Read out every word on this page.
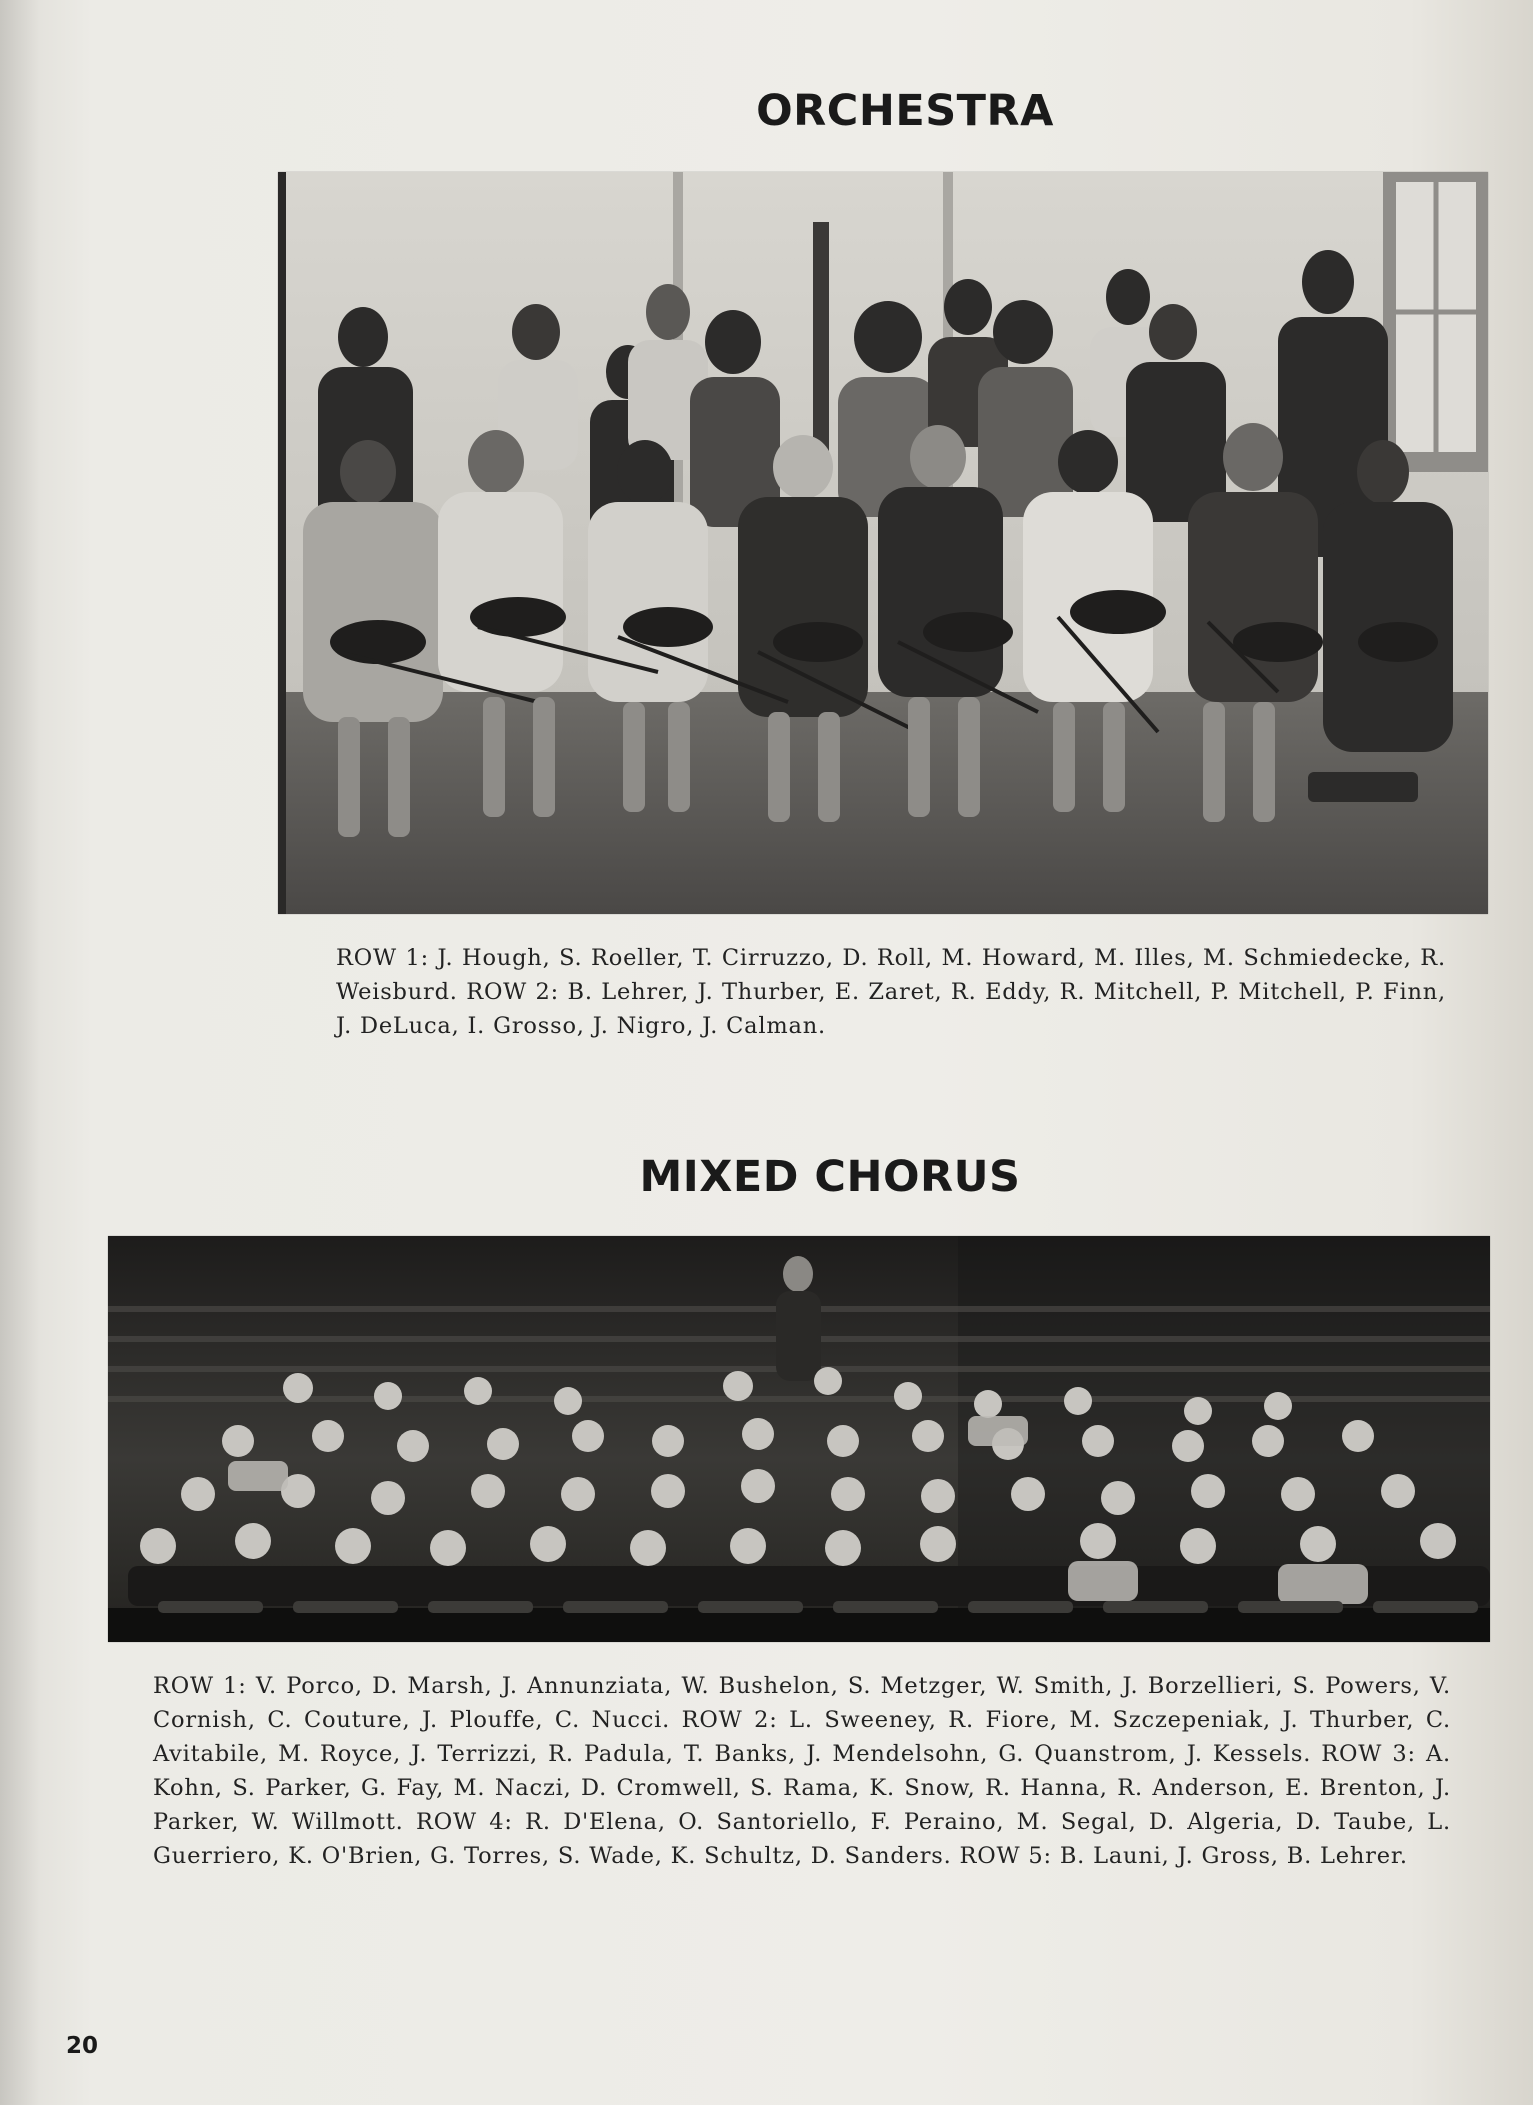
ORCHESTRA

ROW 1: J. Hough, S. Roeller, T. Cirruzzo, D. Roll, M. Howard, M. Illes, M. Schmiedecke, R. Weisburd. ROW 2: B. Lehrer, J. Thurber, E. Zaret, R. Eddy, R. Mitchell, P. Mitchell, P. Finn, J. DeLuca, I. Grosso, J. Nigro, J. Calman.

MIXED CHORUS

ROW 1: V. Porco, D. Marsh, J. Annunziata, W. Bushelon, S. Metzger, W. Smith, J. Borzellieri, S. Powers, V. Cornish, C. Couture, J. Plouffe, C. Nucci. ROW 2: L. Sweeney, R. Fiore, M. Szczepeniak, J. Thurber, C. Avitabile, M. Royce, J. Terrizzi, R. Padula, T. Banks, J. Mendelsohn, G. Quanstrom, J. Kessels. ROW 3: A. Kohn, S. Parker, G. Fay, M. Naczi, D. Cromwell, S. Rama, K. Snow, R. Hanna, R. Anderson, E. Brenton, J. Parker, W. Willmott. ROW 4: R. D'Elena, O. Santoriello, F. Peraino, M. Segal, D. Algeria, D. Taube, L. Guerriero, K. O'Brien, G. Torres, S. Wade, K. Schultz, D. Sanders. ROW 5: B. Launi, J. Gross, B. Lehrer.

20
